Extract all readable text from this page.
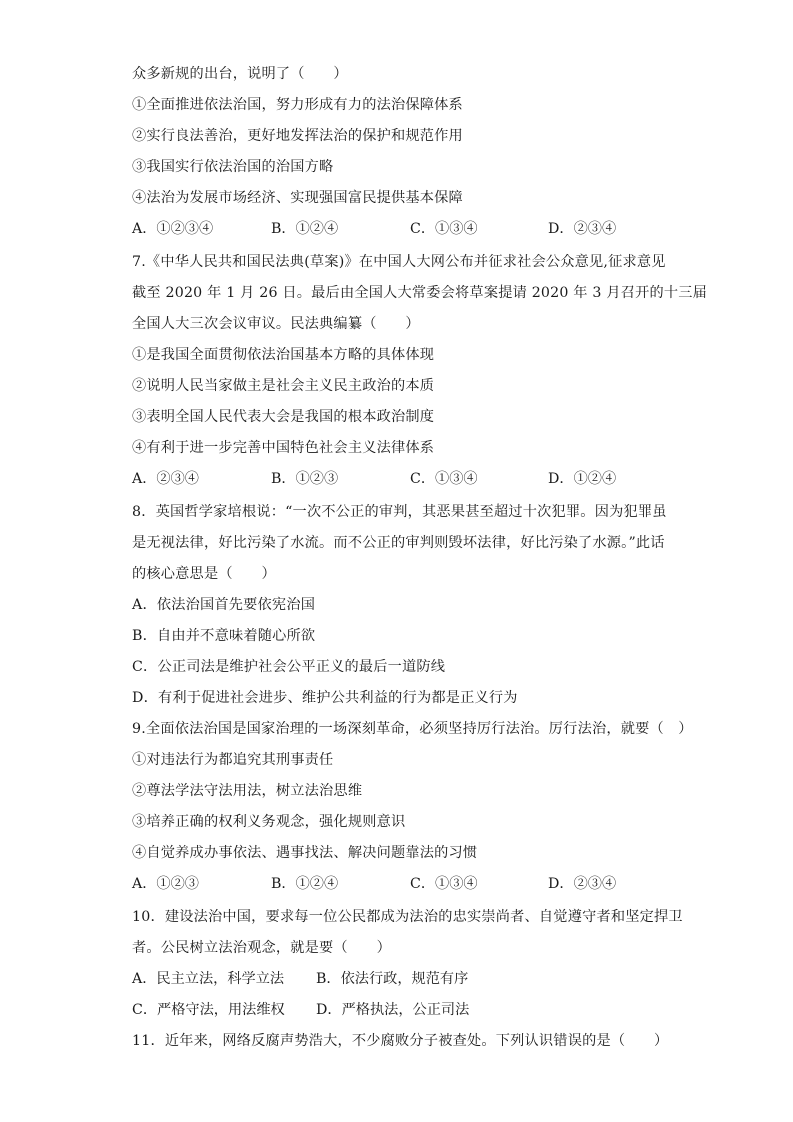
众多新规的出台，说明了（　　）
①全面推进依法治国，努力形成有力的法治保障体系
②实行良法善治，更好地发挥法治的保护和规范作用
③我国实行依法治国的治国方略
④法治为发展市场经济、实现强国富民提供基本保障
A．①②③④	B．①②④	C．①③④	D．②③④
7.《中华人民共和国民法典(草案)》在中国人大网公布并征求社会公众意见,征求意见
截至 2020 年 1 月 26 日。最后由全国人大常委会将草案提请 2020 年 3 月召开的十三届
全国人大三次会议审议。民法典编纂（　　）
①是我国全面贯彻依法治国基本方略的具体体现
②说明人民当家做主是社会主义民主政治的本质
③表明全国人民代表大会是我国的根本政治制度
④有利于进一步完善中国特色社会主义法律体系
A．②③④	B．①②③	C．①③④	D．①②④
8．英国哲学家培根说：“一次不公正的审判，其恶果甚至超过十次犯罪。因为犯罪虽
是无视法律，好比污染了水流。而不公正的审判则毁坏法律，好比污染了水源。”此话
的核心意思是（　　）
A．依法治国首先要依宪治国
B．自由并不意味着随心所欲
C．公正司法是维护社会公平正义的最后一道防线
D．有利于促进社会进步、维护公共利益的行为都是正义行为
9.全面依法治国是国家治理的一场深刻革命，必须坚持厉行法治。厉行法治，就要（　）
①对违法行为都追究其刑事责任
②尊法学法守法用法，树立法治思维
③培养正确的权利义务观念，强化规则意识
④自觉养成办事依法、遇事找法、解决问题靠法的习惯
A．①②③	B．①②④	C．①③④	D．②③④
10．建设法治中国，要求每一位公民都成为法治的忠实崇尚者、自觉遵守者和坚定捍卫
者。公民树立法治观念，就是要（　　）
A．民主立法，科学立法 B．依法行政，规范有序
C．严格守法，用法维权 D．严格执法，公正司法
11．近年来，网络反腐声势浩大，不少腐败分子被查处。下列认识错误的是（　　）
